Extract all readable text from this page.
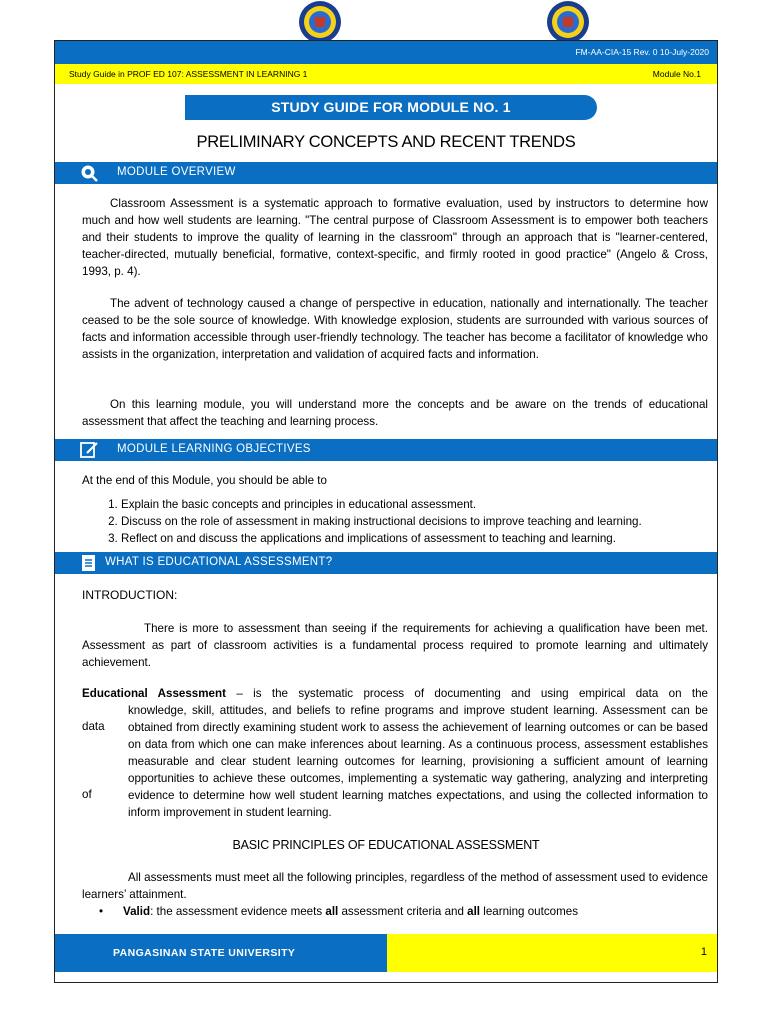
FM-AA-CIA-15 Rev. 0 10-July-2020
Study Guide in PROF ED 107: ASSESSMENT IN LEARNING 1	Module No.1
STUDY GUIDE FOR MODULE NO. 1
PRELIMINARY CONCEPTS AND RECENT TRENDS
MODULE OVERVIEW

Classroom Assessment is a systematic approach to formative evaluation, used by instructors to determine how much and how well students are learning. "The central purpose of Classroom Assessment is to empower both teachers and their students to improve the quality of learning in the classroom" through an approach that is "learner-centered, teacher-directed, mutually beneficial, formative, context-specific, and firmly rooted in good practice" (Angelo & Cross, 1993, p. 4).

The advent of technology caused a change of perspective in education, nationally and internationally. The teacher ceased to be the sole source of knowledge. With knowledge explosion, students are surrounded with various sources of facts and information accessible through user-friendly technology. The teacher has become a facilitator of knowledge who assists in the organization, interpretation and validation of acquired facts and information.

On this learning module, you will understand more the concepts and be aware on the trends of educational assessment that affect the teaching and learning process.

MODULE LEARNING OBJECTIVES

At the end of this Module, you should be able to

1. Explain the basic concepts and principles in educational assessment.
2. Discuss on the role of assessment in making instructional decisions to improve teaching and learning.
3. Reflect on and discuss the applications and implications of assessment to teaching and learning.
WHAT IS EDUCATIONAL ASSESSMENT?

INTRODUCTION:

There is more to assessment than seeing if the requirements for achieving a qualification have been met. Assessment as part of classroom activities is a fundamental process required to promote learning and ultimately achievement.

Educational Assessment – is the systematic process of documenting and using empirical data on the
knowledge, skill, attitudes, and beliefs to refine programs and improve student learning. Assessment can be obtained from directly examining student work to assess the achievement of learning outcomes or can be based on data from which one can make inferences about learning. As a continuous process, assessment establishes measurable and clear student learning outcomes for learning, provisioning a sufficient amount of learning opportunities to achieve these outcomes, implementing a systematic way gathering, analyzing and interpreting evidence to determine how well student learning matches expectations, and using the collected information to inform improvement in student learning.
data
of
BASIC PRINCIPLES OF EDUCATIONAL ASSESSMENT

All assessments must meet all the following principles, regardless of the method of assessment used to evidence learners’ attainment.

• Valid: the assessment evidence meets all assessment criteria and all learning outcomes
PANGASINAN STATE UNIVERSITY	1
